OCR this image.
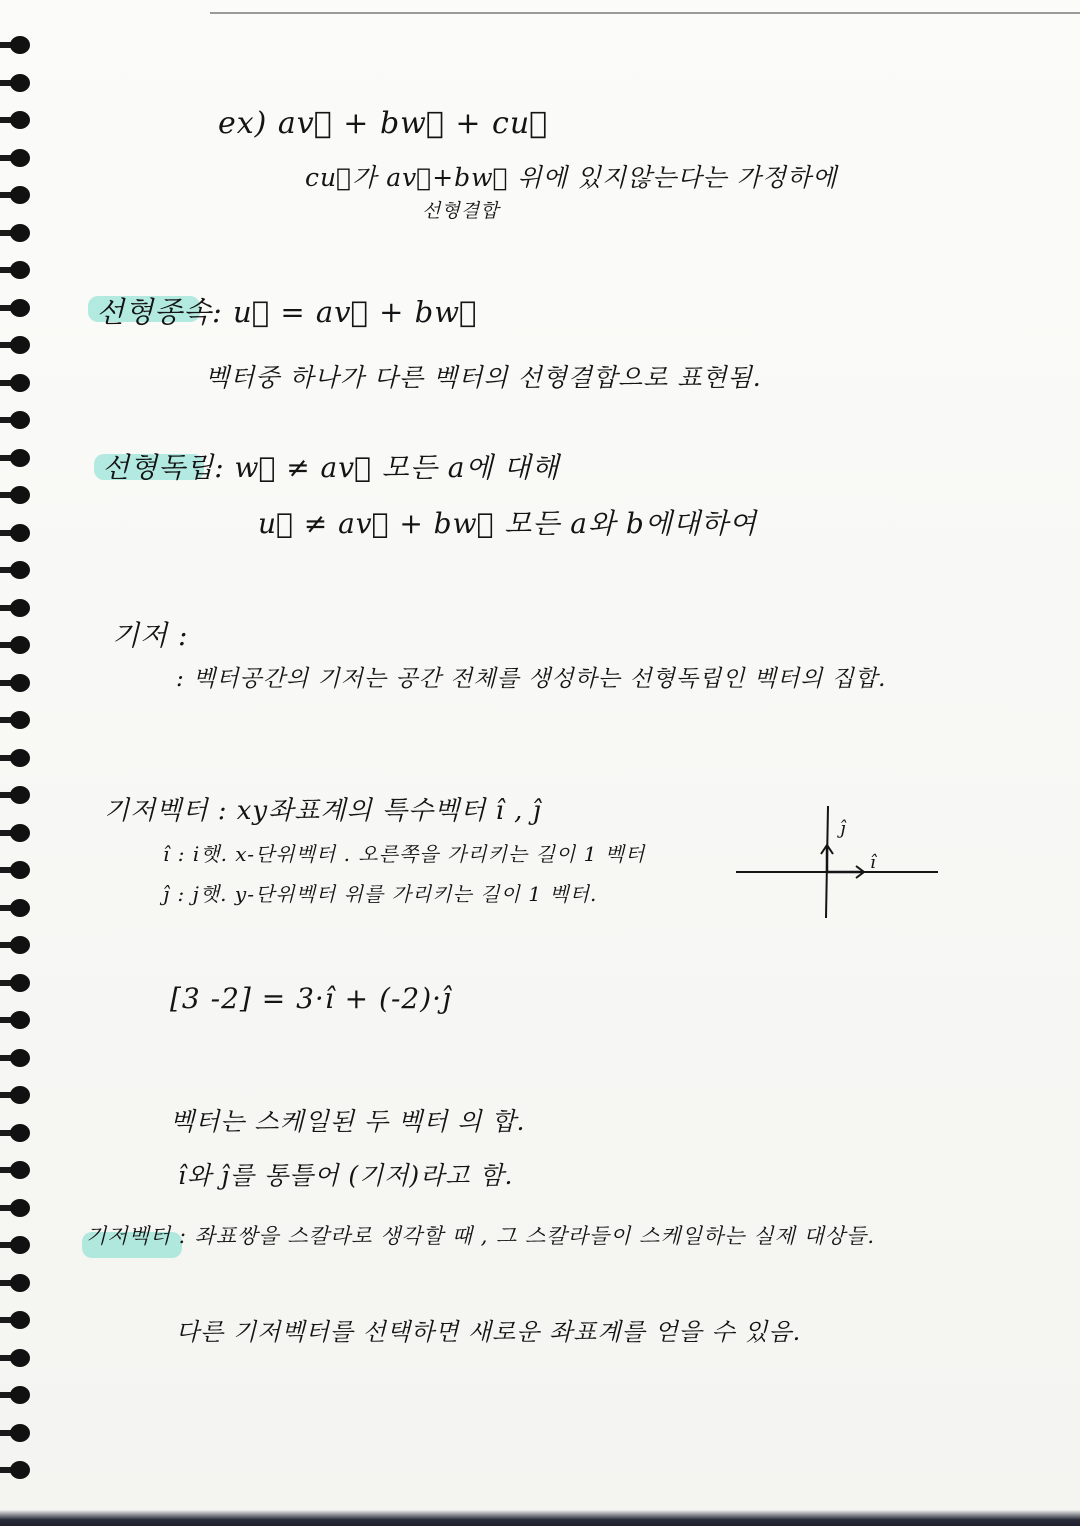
ex) av⃗ + bw⃗ + cu⃗
cu⃗가 av⃗+bw⃗ 위에 있지않는다는 가정하에
선형결합
선형종속: u⃗ = av⃗ + bw⃗
벡터중 하나가 다른 벡터의 선형결합으로 표현됨.
선형독립: w⃗ ≠ av⃗ 모든 a에 대해
u⃗ ≠ av⃗ + bw⃗ 모든 a와 b에대하여
기저 :
: 벡터공간의 기저는 공간 전체를 생성하는 선형독립인 벡터의 집합.
기저벡터 : xy좌표계의 특수벡터 î , ĵ
î : i햇. x-단위벡터 . 오른쪽을 가리키는 길이 1 벡터
ĵ : j햇. y-단위벡터 위를 가리키는 길이 1 벡터.
[3 -2] = 3·î + (-2)·ĵ
벡터는 스케일된 두 벡터 의 합.
î와 ĵ를 통틀어 (기저)라고 함.
기저벡터 : 좌표쌍을 스칼라로 생각할 때 , 그 스칼라들이 스케일하는 실제 대상들.
다른 기저벡터를 선택하면 새로운 좌표계를 얻을 수 있음.
î
ĵ
